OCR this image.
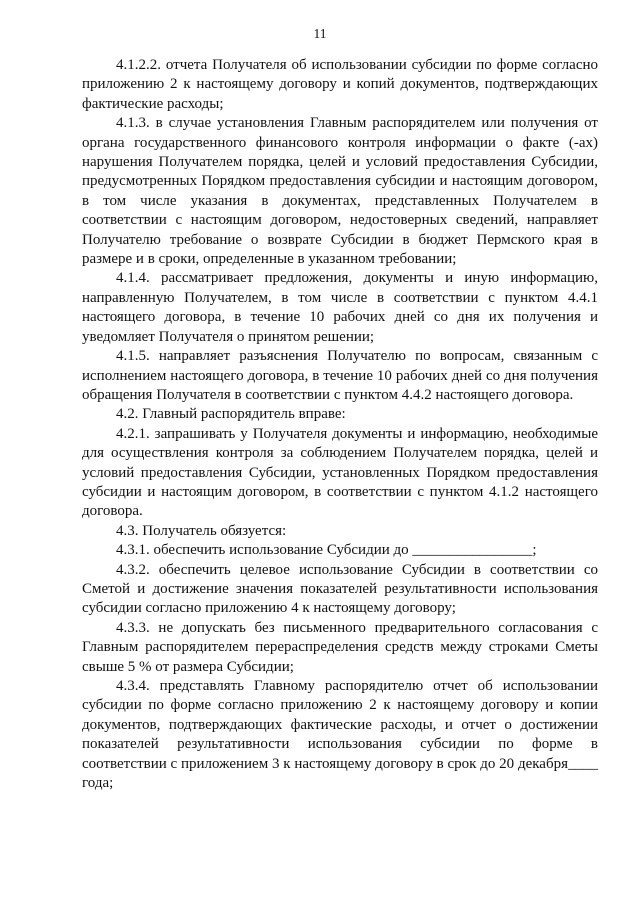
11

4.1.2.2. отчета Получателя об использовании субсидии по форме согласно приложению 2 к настоящему договору и копий документов, подтверждающих фактические расходы;

4.1.3. в случае установления Главным распорядителем или получения от органа государственного финансового контроля информации о факте (-ах) нарушения Получателем порядка, целей и условий предоставления Субсидии, предусмотренных Порядком предоставления субсидии и настоящим договором, в том числе указания в документах, представленных Получателем в соответствии с настоящим договором, недостоверных сведений, направляет Получателю требование о возврате Субсидии в бюджет Пермского края в размере и в сроки, определенные в указанном требовании;

4.1.4. рассматривает предложения, документы и иную информацию, направленную Получателем, в том числе в соответствии с пунктом 4.4.1 настоящего договора, в течение 10 рабочих дней со дня их получения и уведомляет Получателя о принятом решении;

4.1.5. направляет разъяснения Получателю по вопросам, связанным с исполнением настоящего договора, в течение 10 рабочих дней со дня получения обращения Получателя в соответствии с пунктом 4.4.2 настоящего договора.

4.2. Главный распорядитель вправе:

4.2.1. запрашивать у Получателя документы и информацию, необходимые для осуществления контроля за соблюдением Получателем порядка, целей и условий предоставления Субсидии, установленных Порядком предоставления субсидии и настоящим договором, в соответствии с пунктом 4.1.2 настоящего договора.

4.3. Получатель обязуется:

4.3.1. обеспечить использование Субсидии до ________________;

4.3.2. обеспечить целевое использование Субсидии в соответствии со Сметой и достижение значения показателей результативности использования субсидии согласно приложению 4 к настоящему договору;

4.3.3. не допускать без письменного предварительного согласования с Главным распорядителем перераспределения средств между строками Сметы свыше 5 % от размера Субсидии;

4.3.4. представлять Главному распорядителю отчет об использовании субсидии по форме согласно приложению 2 к настоящему договору и копии документов, подтверждающих фактические расходы, и отчет о достижении показателей результативности использования субсидии по форме в соответствии с приложением 3 к настоящему договору в срок до 20 декабря____ года;
